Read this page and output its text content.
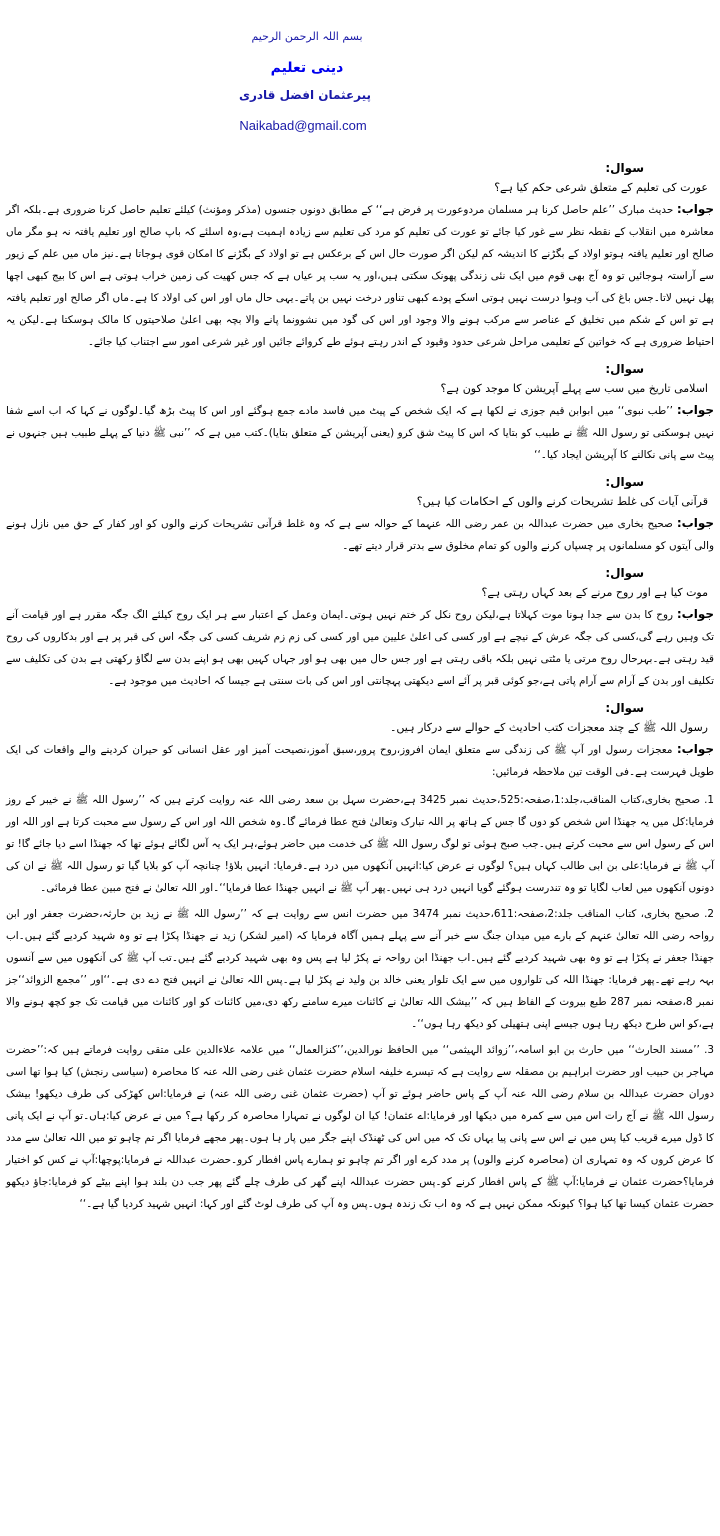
بسم اللہ الرحمن الرحیم
دینی تعلیم
پیرعثمان افضل قادری
Naikabad@gmail.com

سوال:

عورت کی تعلیم کے متعلق شرعی حکم کیا ہے؟

جواب: حدیث مبارک ’’علم حاصل کرنا ہر مسلمان مردوعورت پر فرض ہے‘‘ کے مطابق دونوں جنسوں (مذکر ومؤنث) کیلئے تعلیم حاصل کرنا ضروری ہے۔بلکہ اگر معاشرہ میں انقلاب کے نقطہ نظر سے غور کیا جائے تو عورت کی تعلیم کو مرد کی تعلیم سے زیادہ اہمیت ہے،وہ اسلئے کہ باپ صالح اور تعلیم یافتہ نہ ہو مگر ماں صالح اور تعلیم یافتہ ہوتو اولاد کے بگڑنے کا اندیشہ کم لیکن اگر صورت حال اس کے برعکس ہے تو اولاد کے بگڑنے کا امکان قوی ہوجاتا ہے۔نیز ماں میں علم کے زیور سے آراستہ ہوجائیں تو وہ آج بھی قوم میں ایک نئی زندگی پھونک سکتی ہیں،اور یہ سب پر عیاں ہے کہ جس کھیت کی زمین خراب ہوتی ہے اس کا بیج کبھی اچھا پھل نہیں لاتا۔جس باغ کی آب وہوا درست نہیں ہوتی اسکے پودے کبھی تناور درخت نہیں بن پاتے۔یہی حال ماں اور اس کی اولاد کا ہے۔ماں اگر صالح اور تعلیم یافتہ ہے تو اس کے شکم میں تخلیق کے عناصر سے مرکب ہونے والا وجود اور اس کی گود میں نشوونما پانے والا بچہ بھی اعلیٰ صلاحیتوں کا مالک ہوسکتا ہے۔لیکن یہ احتیاط ضروری ہے کہ خواتین کے تعلیمی مراحل شرعی حدود وقیود کے اندر رہتے ہوئے طے کروائے جائیں اور غیر شرعی امور سے اجتناب کیا جائے۔

سوال:

اسلامی تاریخ میں سب سے پہلے آپریشن کا موجد کون ہے؟

جواب: ’’طب نبوی‘‘ میں ابوابن قیم جوزی نے لکھا ہے کہ ایک شخص کے پیٹ میں فاسد مادے جمع ہوگئے اور اس کا پیٹ بڑھ گیا۔لوگوں نے کہا کہ اب اسے شفا نہیں ہوسکتی تو رسول اللہ ﷺ نے طبیب کو بتایا کہ اس کا پیٹ شق کرو (یعنی آپریشن کے متعلق بتایا)۔کتب میں ہے کہ ’’نبی ﷺ دنیا کے پہلے طبیب ہیں جنہوں نے پیٹ سے پانی نکالنے کا آپریشن ایجاد کیا۔‘‘

سوال:

قرآنی آیات کی غلط تشریحات کرنے والوں کے احکامات کیا ہیں؟

جواب: صحیح بخاری میں حضرت عبداللہ بن عمر رضی اللہ عنہما کے حوالہ سے ہے کہ وہ غلط قرآنی تشریحات کرنے والوں کو اور کفار کے حق میں نازل ہونے والی آیتوں کو مسلمانوں پر چسپاں کرنے والوں کو تمام مخلوق سے بدتر قرار دیتے تھے۔

سوال:

موت کیا ہے اور روح مرنے کے بعد کہاں رہتی ہے؟

جواب: روح کا بدن سے جدا ہونا موت کہلاتا ہے،لیکن روح نکل کر ختم نہیں ہوتی۔ایمان وعمل کے اعتبار سے ہر ایک روح کیلئے الگ جگہ مقرر ہے اور قیامت آنے تک وہیں رہے گی،کسی کی جگہ عرش کے نیچے ہے اور کسی کی اعلیٰ علیین میں اور کسی کی زم زم شریف کسی کی جگہ اس کی قبر پر ہے اور بدکاروں کی روح قید رہتی ہے۔بہرحال روح مرتی یا مٹتی نہیں بلکہ باقی رہتی ہے اور جس حال میں بھی ہو اور جہاں کہیں بھی ہو اپنے بدن سے لگاؤ رکھتی ہے بدن کی تکلیف سے تکلیف اور بدن کے آرام سے آرام پاتی ہے،جو کوئی قبر پر آئے اسے دیکھتی پہچانتی اور اس کی بات سنتی ہے جیسا کہ احادیث میں موجود ہے۔

سوال:

رسول اللہ ﷺ کے چند معجزات کتب احادیث کے حوالے سے درکار ہیں۔

جواب: معجزات رسول اور آپ ﷺ کی زندگی سے متعلق ایمان افروز،روح پرور،سبق آموز،نصیحت آمیز اور عقل انسانی کو حیران کردینے والے واقعات کی ایک طویل فہرست ہے۔فی الوقت تین ملاحظہ فرمائیں:

1. صحیح بخاری،کتاب المناقب،جلد:1،صفحہ:525،حدیث نمبر 3425 ہے،حضرت سہل بن سعد رضی اللہ عنہ روایت کرتے ہیں کہ ’’رسول اللہ ﷺ نے خیبر کے روز فرمایا:کل میں یہ جھنڈا اس شخص کو دوں گا جس کے ہاتھ پر اللہ تبارک وتعالیٰ فتح عطا فرمائے گا۔وہ شخص اللہ اور اس کے رسول سے محبت کرتا ہے اور اللہ اور اس کے رسول اس سے محبت کرتے ہیں۔جب صبح ہوئی تو لوگ رسول اللہ ﷺ کی خدمت میں حاضر ہوئے،ہر ایک یہ آس لگائے ہوئے تھا کہ جھنڈا اسے دیا جائے گا! تو آپ ﷺ نے فرمایا:علی بن ابی طالب کہاں ہیں؟ لوگوں نے عرض کیا:انہیں آنکھوں میں درد ہے۔فرمایا: انہیں بلاؤ! چنانچہ آپ کو بلایا گیا تو رسول اللہ ﷺ نے ان کی دونوں آنکھوں میں لعاب لگایا تو وہ تندرست ہوگئے گویا انہیں درد ہی نہیں۔پھر آپ ﷺ نے انہیں جھنڈا عطا فرمایا‘‘۔اور اللہ تعالیٰ نے فتح مبین عطا فرمائی۔

2. صحیح بخاری، کتاب المناقب جلد:2،صفحہ:611،حدیث نمبر 3474 میں حضرت انس سے روایت ہے کہ ’’رسول اللہ ﷺ نے زید بن حارثہ،حضرت جعفر اور ابن رواحہ رضی اللہ تعالیٰ عنہم کے بارے میں میدان جنگ سے خبر آنے سے پہلے ہمیں آگاہ فرمایا کہ (امیر لشکر) زید نے جھنڈا پکڑا ہے تو وہ شہید کردیے گئے ہیں۔اب جھنڈا جعفر نے پکڑا ہے تو وہ بھی شہید کردیے گئے ہیں۔اب جھنڈا ابن رواحہ نے پکڑ لیا ہے پس وہ بھی شہید کردیے گئے ہیں۔تب آپ ﷺ کی آنکھوں میں سے آنسوں بہہ رہے تھے۔پھر فرمایا: جھنڈا اللہ کی تلواروں میں سے ایک تلوار یعنی خالد بن ولید نے پکڑ لیا ہے۔پس اللہ تعالیٰ نے انہیں فتح دے دی ہے۔‘‘اور ’’مجمع الزوائد‘‘جز نمبر 8،صفحہ نمبر 287 طبع بیروت کے الفاظ ہیں کہ ’’بیشک اللہ تعالیٰ نے کائنات میرے سامنے رکھ دی،میں کائنات کو اور کائنات میں قیامت تک جو کچھ ہونے والا ہے،کو اس طرح دیکھ رہا ہوں جیسے اپنی ہتھیلی کو دیکھ رہا ہوں‘‘۔

3. ’’مسند الحارث‘‘ میں حارث بن ابو اسامہ،’’زوائد الہیثمی‘‘ میں الحافظ نورالدین،’’کنزالعمال‘‘ میں علامہ علاءالدین علی متقی روایت فرماتے ہیں کہ:’’حضرت مہاجر بن حبیب اور حضرت ابراہیم بن مصقلہ سے روایت ہے کہ تیسرے خلیفہ اسلام حضرت عثمان غنی رضی اللہ عنہ کا محاصرہ (سیاسی رنجش) کیا ہوا تھا اسی دوران حضرت عبداللہ بن سلام رضی اللہ عنہ آپ کے پاس حاضر ہوئے تو آپ (حضرت عثمان غنی رضی اللہ عنہ) نے فرمایا:اس کھڑکی کی طرف دیکھو! بیشک رسول اللہ ﷺ نے آج رات اس میں سے کمرہ میں دیکھا اور فرمایا:اے عثمان! کیا ان لوگوں نے تمہارا محاصرہ کر رکھا ہے؟ میں نے عرض کیا:ہاں۔تو آپ نے ایک پانی کا ڈول میرے قریب کیا پس میں نے اس سے پانی پیا یہاں تک کہ میں اس کی ٹھنڈک اپنے جگر میں پار ہا ہوں۔پھر مجھے فرمایا اگر تم چاہو تو میں اللہ تعالیٰ سے مدد کا عرض کروں کہ وہ تمہاری ان (محاصرہ کرنے والوں) پر مدد کرے اور اگر تم چاہو تو ہمارے پاس افطار کرو۔حضرت عبداللہ نے فرمایا:پوچھا:آپ نے کس کو اختیار فرمایا؟حضرت عثمان نے فرمایا:آپ ﷺ کے پاس افطار کرنے کو۔پس حضرت عبداللہ اپنے گھر کی طرف چلے گئے پھر جب دن بلند ہوا اپنے بیٹے کو فرمایا:جاؤ دیکھو حضرت عثمان کیسا تھا کیا ہوا؟ کیونکہ ممکن نہیں ہے کہ وہ اب تک زندہ ہوں۔پس وہ آپ کی طرف لوٹ گئے اور کہا: انہیں شہید کردیا گیا ہے۔‘‘
